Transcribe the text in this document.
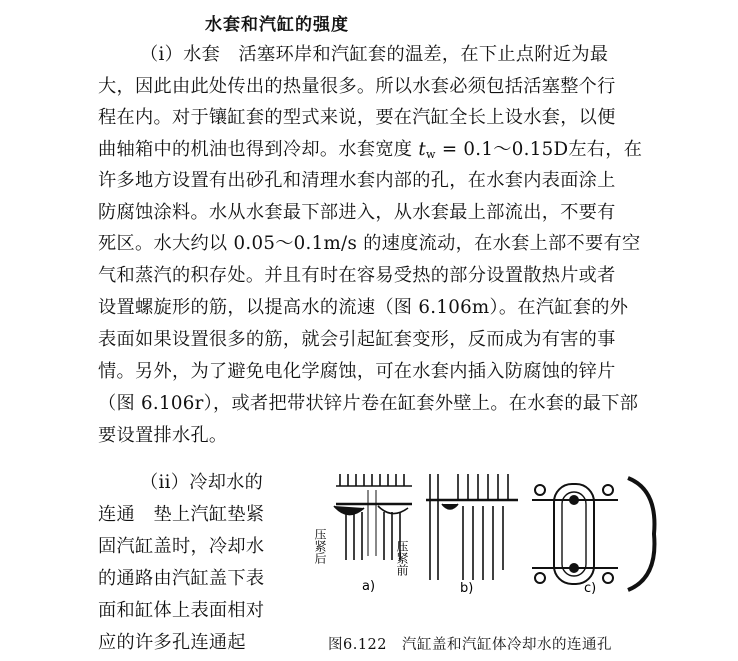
水套和汽缸的强度
（i）水套　活塞环岸和汽缸套的温差，在下止点附近为最
大，因此由此处传出的热量很多。所以水套必须包括活塞整个行
程在内。对于镶缸套的型式来说，要在汽缸全长上设水套，以便
曲轴箱中的机油也得到冷却。水套宽度 $t_w$ = 0.1～0.15D左右，在
许多地方设置有出砂孔和清理水套内部的孔，在水套内表面涂上
防腐蚀涂料。水从水套最下部进入，从水套最上部流出，不要有
死区。水大约以 0.05～0.1m/s 的速度流动，在水套上部不要有空
气和蒸汽的积存处。并且有时在容易受热的部分设置散热片或者
设置螺旋形的筋，以提高水的流速（图 6.106m）。在汽缸套的外
表面如果设置很多的筋，就会引起缸套变形，反而成为有害的事
情。另外，为了避免电化学腐蚀，可在水套内插入防腐蚀的锌片
（图 6.106r），或者把带状锌片卷在缸套外壁上。在水套的最下部
要设置排水孔。
（ii）冷却水的
连通　垫上汽缸垫紧
固汽缸盖时，冷却水
的通路由汽缸盖下表
面和缸体上表面相对
应的许多孔连通起
压紧后	压紧前
a)	b)	c)
图6.122　汽缸盖和汽缸体冷却水的连通孔
